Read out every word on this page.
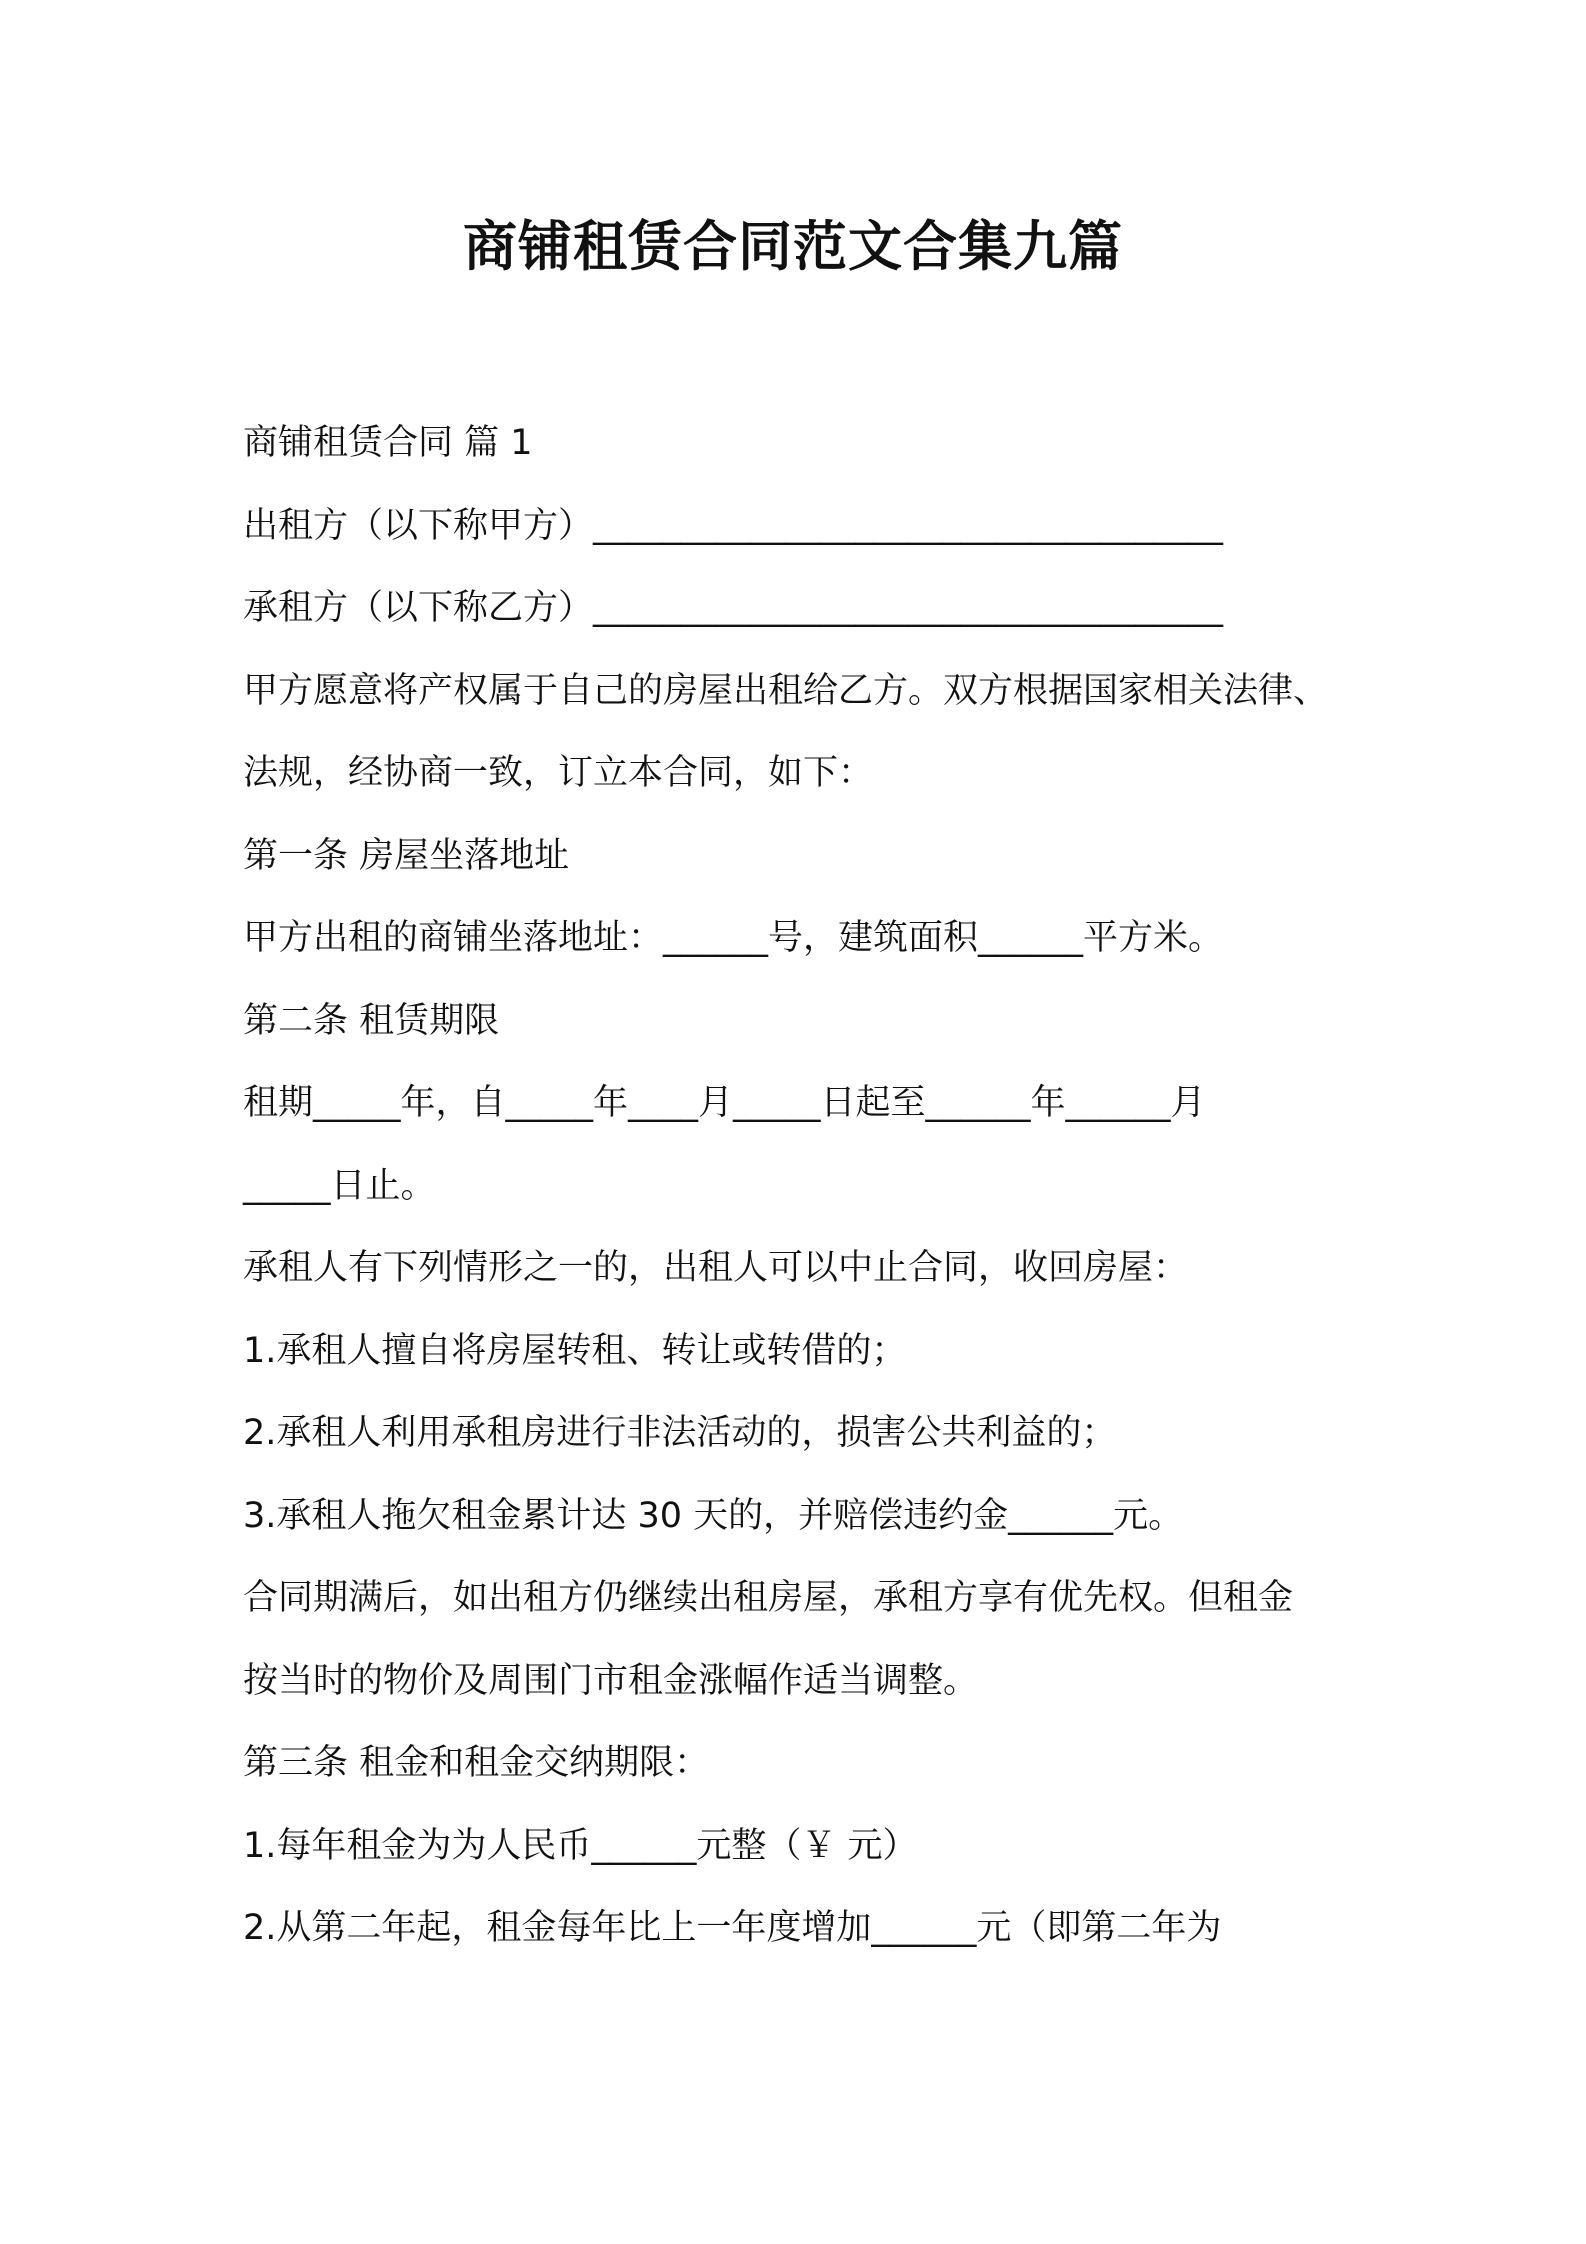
商铺租赁合同范文合集九篇
商铺租赁合同 篇 1
出租方（以下称甲方）____________________________________
承租方（以下称乙方）____________________________________
甲方愿意将产权属于自己的房屋出租给乙方。双方根据国家相关法律、
法规，经协商一致，订立本合同，如下：
第一条 房屋坐落地址
甲方出租的商铺坐落地址：______号，建筑面积______平方米。
第二条 租赁期限
租期_____年，自_____年____月_____日起至______年______月
_____日止。
承租人有下列情形之一的，出租人可以中止合同，收回房屋：
1.承租人擅自将房屋转租、转让或转借的；
2.承租人利用承租房进行非法活动的，损害公共利益的；
3.承租人拖欠租金累计达 30 天的，并赔偿违约金______元。
合同期满后，如出租方仍继续出租房屋，承租方享有优先权。但租金
按当时的物价及周围门市租金涨幅作适当调整。
第三条 租金和租金交纳期限：
1.每年租金为为人民币______元整（￥ 元）
2.从第二年起，租金每年比上一年度增加______元（即第二年为
